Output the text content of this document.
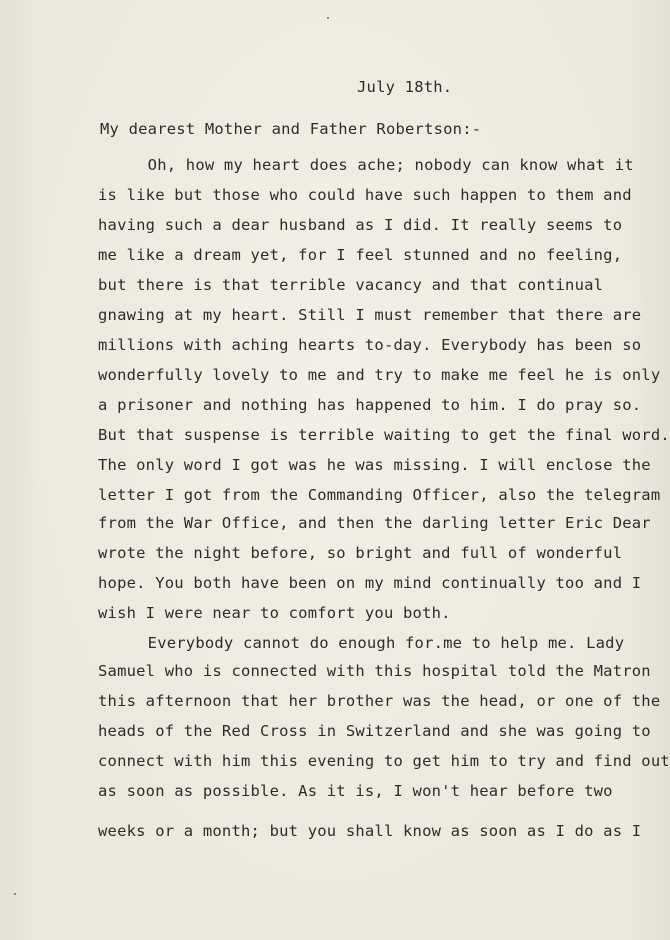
July 18th.
My dearest Mother and Father Robertson:-
Oh, how my heart does ache; nobody can know what it
is like but those who could have such happen to them and
having such a dear husband as I did. It really seems to
me like a dream yet, for I feel stunned and no feeling,
but there is that terrible vacancy and that continual
gnawing at my heart. Still I must remember that there are
millions with aching hearts to-day. Everybody has been so
wonderfully lovely to me and try to make me feel he is only
a prisoner and nothing has happened to him. I do pray so.
But that suspense is terrible waiting to get the final word.
The only word I got was he was missing. I will enclose the
letter I got from the Commanding Officer, also the telegram
from the War Office, and then the darling letter Eric Dear
wrote the night before, so bright and full of wonderful
hope. You both have been on my mind continually too and I
wish I were near to comfort you both.
Everybody cannot do enough for.me to help me. Lady
Samuel who is connected with this hospital told the Matron
this afternoon that her brother was the head, or one of the
heads of the Red Cross in Switzerland and she was going to
connect with him this evening to get him to try and find out
as soon as possible. As it is, I won't hear before two
weeks or a month; but you shall know as soon as I do as I
